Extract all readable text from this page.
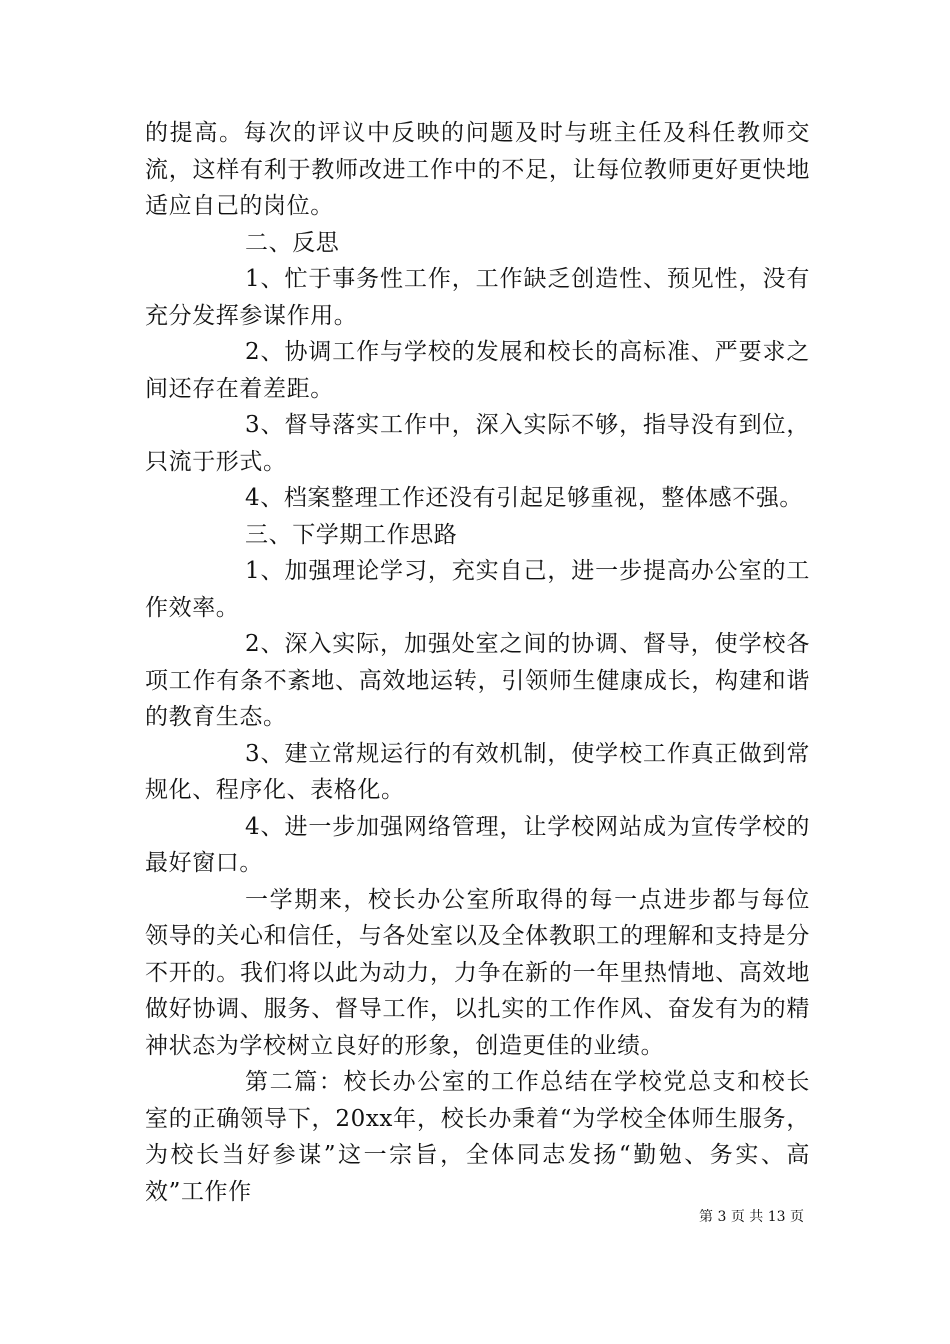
的提高。每次的评议中反映的问题及时与班主任及科任教师交流，这样有利于教师改进工作中的不足，让每位教师更好更快地适应自己的岗位。

二、反思

1、忙于事务性工作，工作缺乏创造性、预见性，没有充分发挥参谋作用。

2、协调工作与学校的发展和校长的高标准、严要求之间还存在着差距。

3、督导落实工作中，深入实际不够，指导没有到位，只流于形式。

4、档案整理工作还没有引起足够重视，整体感不强。

三、下学期工作思路

1、加强理论学习，充实自己，进一步提高办公室的工作效率。

2、深入实际，加强处室之间的协调、督导，使学校各项工作有条不紊地、高效地运转，引领师生健康成长，构建和谐的教育生态。

3、建立常规运行的有效机制，使学校工作真正做到常规化、程序化、表格化。

4、进一步加强网络管理，让学校网站成为宣传学校的最好窗口。

一学期来，校长办公室所取得的每一点进步都与每位领导的关心和信任，与各处室以及全体教职工的理解和支持是分不开的。我们将以此为动力，力争在新的一年里热情地、高效地做好协调、服务、督导工作，以扎实的工作作风、奋发有为的精神状态为学校树立良好的形象，创造更佳的业绩。

第二篇：校长办公室的工作总结在学校党总支和校长室的正确领导下，20xx年，校长办秉着“为学校全体师生服务，为校长当好参谋”这一宗旨，全体同志发扬“勤勉、务实、高效”工作作

第 3 页 共 13 页
